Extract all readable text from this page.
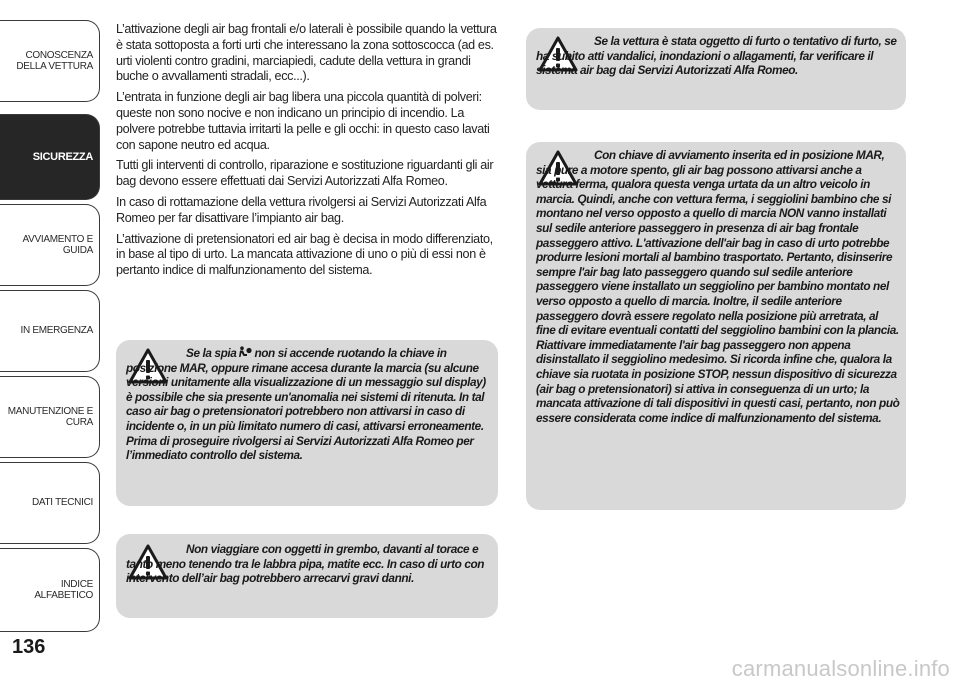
CONOSCENZA DELLA VETTURA
SICUREZZA
AVVIAMENTO E GUIDA
IN EMERGENZA
MANUTENZIONE E CURA
DATI TECNICI
INDICE ALFABETICO
136

L’attivazione degli air bag frontali e/o laterali è possibile quando la vettura è stata sottoposta a forti urti che interessano la zona sottoscocca (ad es. urti violenti contro gradini, marciapiedi, cadute della vettura in grandi buche o avvallamenti stradali, ecc...).

L’entrata in funzione degli air bag libera una piccola quantità di polveri: queste non sono nocive e non indicano un principio di incendio. La polvere potrebbe tuttavia irritarti la pelle e gli occhi: in questo caso lavati con sapone neutro ed acqua.

Tutti gli interventi di controllo, riparazione e sostituzione riguardanti gli air bag devono essere effettuati dai Servizi Autorizzati Alfa Romeo.

In caso di rottamazione della vettura rivolgersi ai Servizi Autorizzati Alfa Romeo per far disattivare l’impianto air bag.

L’attivazione di pretensionatori ed air bag è decisa in modo differenziato, in base al tipo di urto. La mancata attivazione di uno o più di essi non è pertanto indice di malfunzionamento del sistema.

Se la vettura è stata oggetto di furto o tentativo di furto, se ha subito atti vandalici, inondazioni o allagamenti, far verificare il sistema air bag dai Servizi Autorizzati Alfa Romeo.
Con chiave di avviamento inserita ed in posizione MAR, sia pure a motore spento, gli air bag possono attivarsi anche a vettura ferma, qualora questa venga urtata da un altro veicolo in marcia. Quindi, anche con vettura ferma, i seggiolini bambino che si montano nel verso opposto a quello di marcia NON vanno installati sul sedile anteriore passeggero in presenza di air bag frontale passeggero attivo. L'attivazione dell'air bag in caso di urto potrebbe produrre lesioni mortali al bambino trasportato. Pertanto, disinserire sempre l'air bag lato passeggero quando sul sedile anteriore passeggero viene installato un seggiolino per bambino montato nel verso opposto a quello di marcia. Inoltre, il sedile anteriore passeggero dovrà essere regolato nella posizione più arretrata, al fine di evitare eventuali contatti del seggiolino bambini con la plancia. Riattivare immediatamente l'air bag passeggero non appena disinstallato il seggiolino medesimo. Si ricorda infine che, qualora la chiave sia ruotata in posizione STOP, nessun dispositivo di sicurezza (air bag o pretensionatori) si attiva in conseguenza di un urto; la mancata attivazione di tali dispositivi in questi casi, pertanto, non può essere considerata come indice di malfunzionamento del sistema.
Se la spia non si accende ruotando la chiave in posizione MAR, oppure rimane accesa durante la marcia (su alcune versioni unitamente alla visualizzazione di un messaggio sul display) è possibile che sia presente un'anomalia nei sistemi di ritenuta. In tal caso air bag o pretensionatori potrebbero non attivarsi in caso di incidente o, in un più limitato numero di casi, attivarsi erroneamente. Prima di proseguire rivolgersi ai Servizi Autorizzati Alfa Romeo per l’immediato controllo del sistema.
Non viaggiare con oggetti in grembo, davanti al torace e tanto meno tenendo tra le labbra pipa, matite ecc. In caso di urto con intervento dell’air bag potrebbero arrecarvi gravi danni.
carmanualsonline.info
